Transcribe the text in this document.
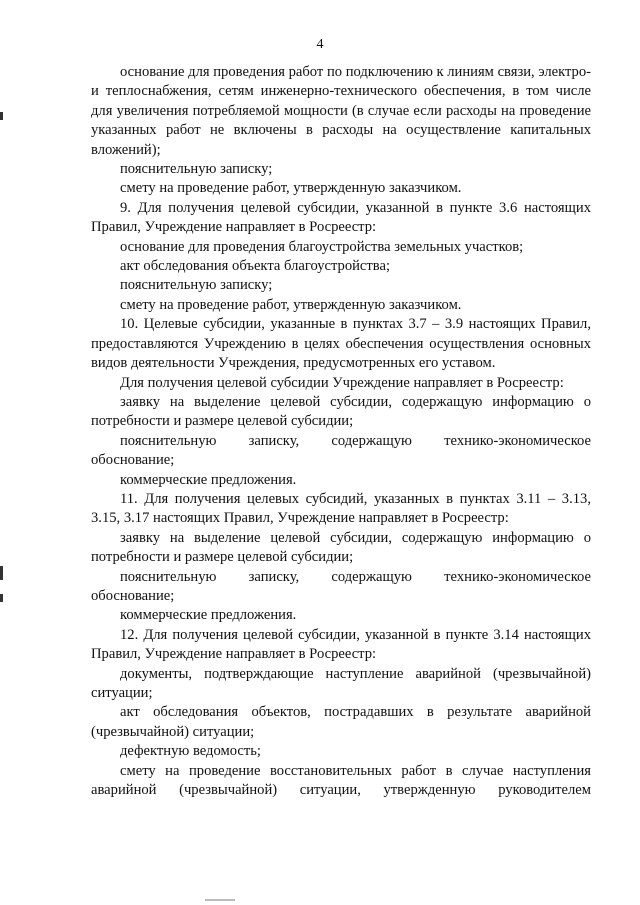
4

основание для проведения работ по подключению к линиям связи, электро- и теплоснабжения, сетям инженерно-технического обеспечения, в том числе для увеличения потребляемой мощности (в случае если расходы на проведение указанных работ не включены в расходы на осуществление капитальных вложений);

пояснительную записку;

смету на проведение работ, утвержденную заказчиком.

9. Для получения целевой субсидии, указанной в пункте 3.6 настоящих Правил, Учреждение направляет в Росреестр:

основание для проведения благоустройства земельных участков;

акт обследования объекта благоустройства;

пояснительную записку;

смету на проведение работ, утвержденную заказчиком.

10. Целевые субсидии, указанные в пунктах 3.7 – 3.9 настоящих Правил, предоставляются Учреждению в целях обеспечения осуществления основных видов деятельности Учреждения, предусмотренных его уставом.

Для получения целевой субсидии Учреждение направляет в Росреестр:

заявку на выделение целевой субсидии, содержащую информацию о потребности и размере целевой субсидии;

пояснительную записку, содержащую технико-экономическое обоснование;

коммерческие предложения.

11. Для получения целевых субсидий, указанных в пунктах 3.11 – 3.13, 3.15, 3.17 настоящих Правил, Учреждение направляет в Росреестр:

заявку на выделение целевой субсидии, содержащую информацию о потребности и размере целевой субсидии;

пояснительную записку, содержащую технико-экономическое обоснование;

коммерческие предложения.

12. Для получения целевой субсидии, указанной в пункте 3.14 настоящих Правил, Учреждение направляет в Росреестр:

документы, подтверждающие наступление аварийной (чрезвычайной) ситуации;

акт обследования объектов, пострадавших в результате аварийной (чрезвычайной) ситуации;

дефектную ведомость;

смету на проведение восстановительных работ в случае наступления аварийной (чрезвычайной) ситуации, утвержденную руководителем
